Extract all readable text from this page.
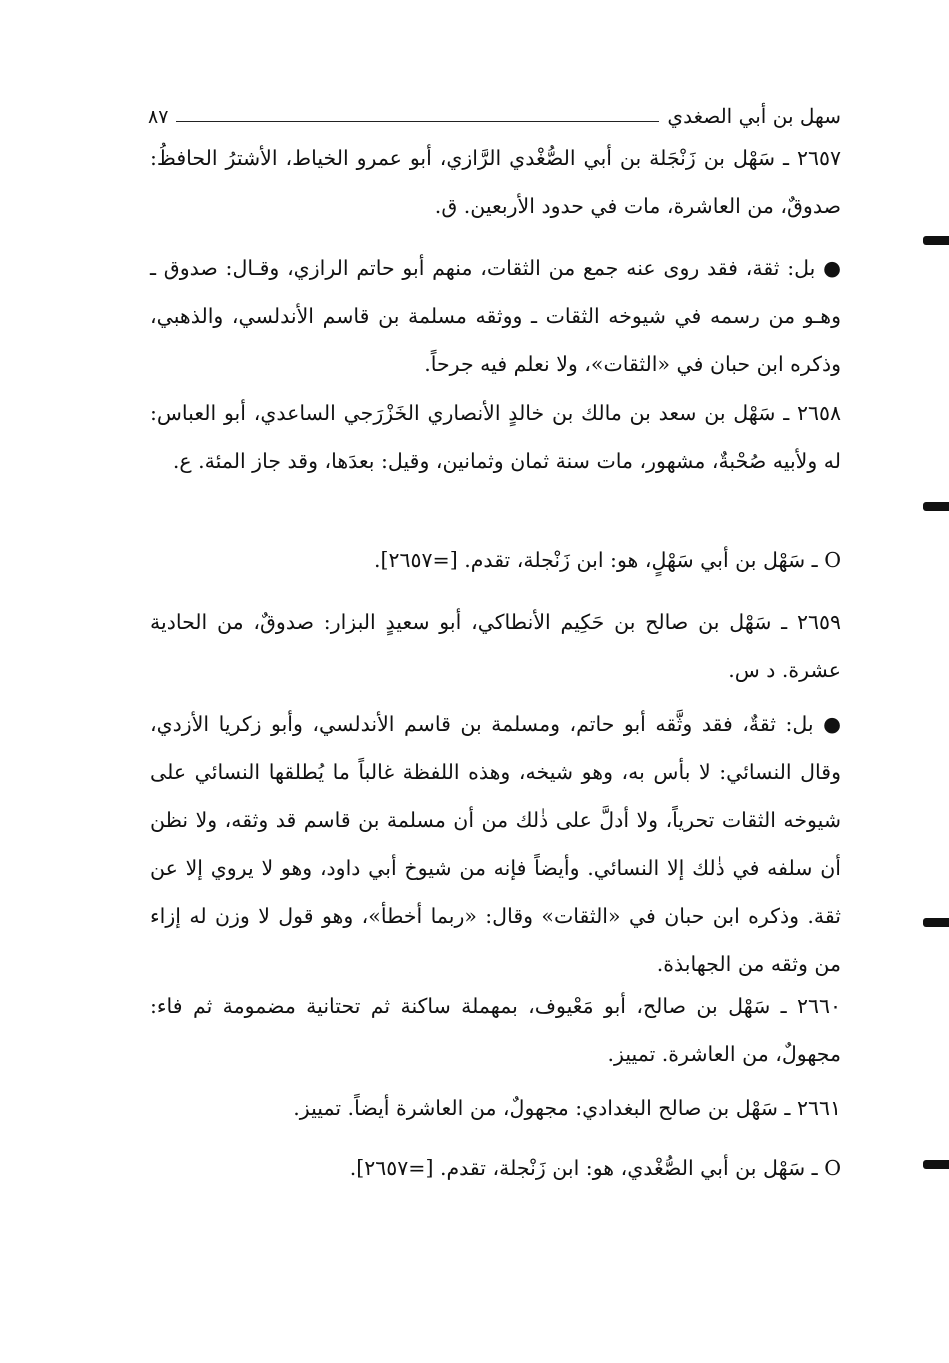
سهل بن أبي الصغدي
٨٧

٢٦٥٧ ـ سَهْل بن زَنْجَلة بن أبي الصُّغْدي الرَّازي، أبو عمرو الخياط، الأشترُ الحافظُ: صدوقٌ، من العاشرة، مات في حدود الأربعين. ق.

● بل: ثقة، فقد روى عنه جمع من الثقات، منهم أبو حاتم الرازي، وقـال: صدوق ـ وهـو من رسمه في شيوخه الثقات ـ ووثقه مسلمة بن قاسم الأندلسي، والذهبي، وذكره ابن حبان في «الثقات»، ولا نعلم فيه جرحاً.

٢٦٥٨ ـ سَهْل بن سعد بن مالك بن خالدٍ الأنصاري الخَزْرَجي الساعدي، أبو العباس: له ولأبيه صُحْبةٌ، مشهور، مات سنة ثمان وثمانين، وقيل: بعدَها، وقد جاز المئة. ع.

O ـ سَهْل بن أبي سَهْلٍ، هو: ابن زَنْجلة، تقدم. [=٢٦٥٧].

٢٦٥٩ ـ سَهْل بن صالح بن حَكِيم الأنطاكي، أبو سعيدٍ البزار: صدوقٌ، من الحادية عشرة. د س.

● بل: ثقةٌ، فقد وثَّقه أبو حاتم، ومسلمة بن قاسم الأندلسي، وأبو زكريا الأزدي، وقال النسائي: لا بأس به، وهو شيخه، وهذه اللفظة غالباً ما يُطلقها النسائي على شيوخه الثقات تحرياً، ولا أدلَّ على ذٰلك من أن مسلمة بن قاسم قد وثقه، ولا نظن أن سلفه في ذٰلك إلا النسائي. وأيضاً فإنه من شيوخ أبي داود، وهو لا يروي إلا عن ثقة. وذكره ابن حبان في «الثقات» وقال: «ربما أخطأ»، وهو قول لا وزن له إزاء من وثقه من الجهابذة.

٢٦٦٠ ـ سَهْل بن صالح، أبو مَعْيوف، بمهملة ساكنة ثم تحتانية مضمومة ثم فاء: مجهولٌ، من العاشرة. تمييز.

٢٦٦١ ـ سَهْل بن صالح البغدادي: مجهولٌ، من العاشرة أيضاً. تمييز.

O ـ سَهْل بن أبي الصُّغْدي، هو: ابن زَنْجلة، تقدم. [=٢٦٥٧].
